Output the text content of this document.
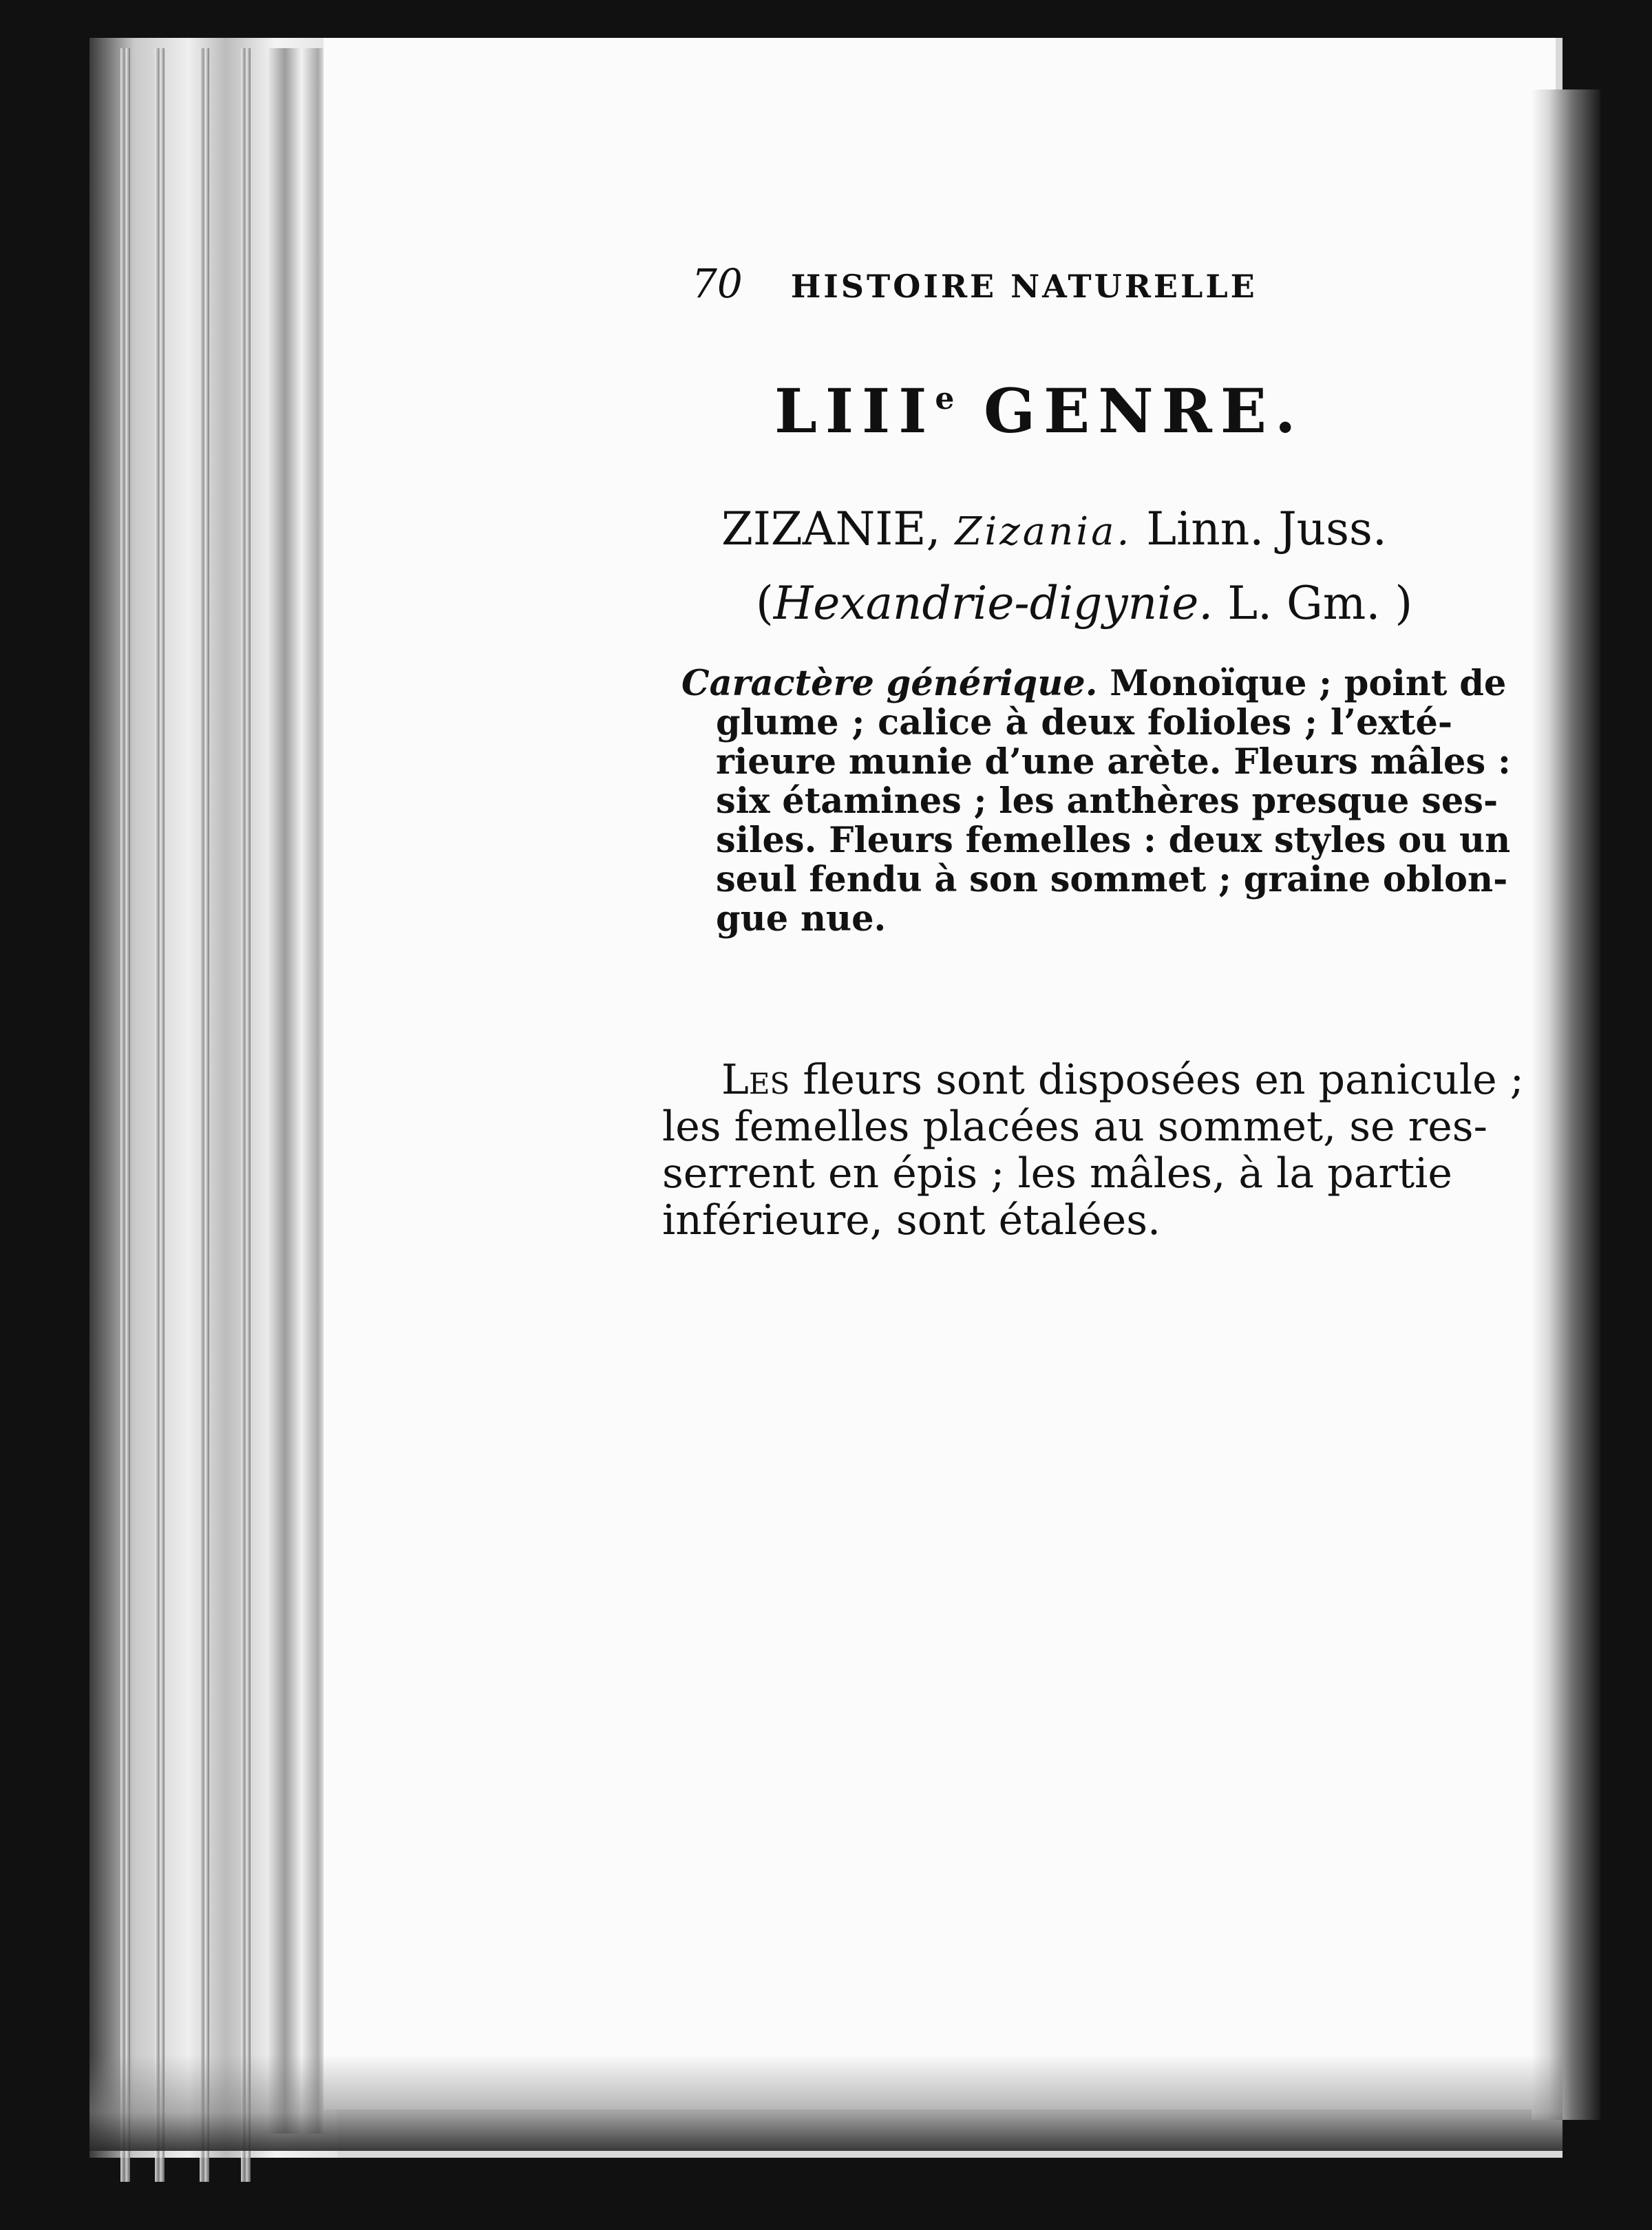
70 HISTOIRE NATURELLE
LIIIe GENRE.
ZIZANIE, Zizania. Linn. Juss.
(Hexandrie-digynie. L. Gm. )
Caractère générique. Monoïque ; point de
glume ; calice à deux folioles ; l’exté-
rieure munie d’une arète. Fleurs mâles :
six étamines ; les anthères presque ses-
siles. Fleurs femelles : deux styles ou un
seul fendu à son sommet ; graine oblon-
gue nue.
Les fleurs sont disposées en panicule ;
les femelles placées au sommet, se res-
serrent en épis ; les mâles, à la partie
inférieure, sont étalées.
